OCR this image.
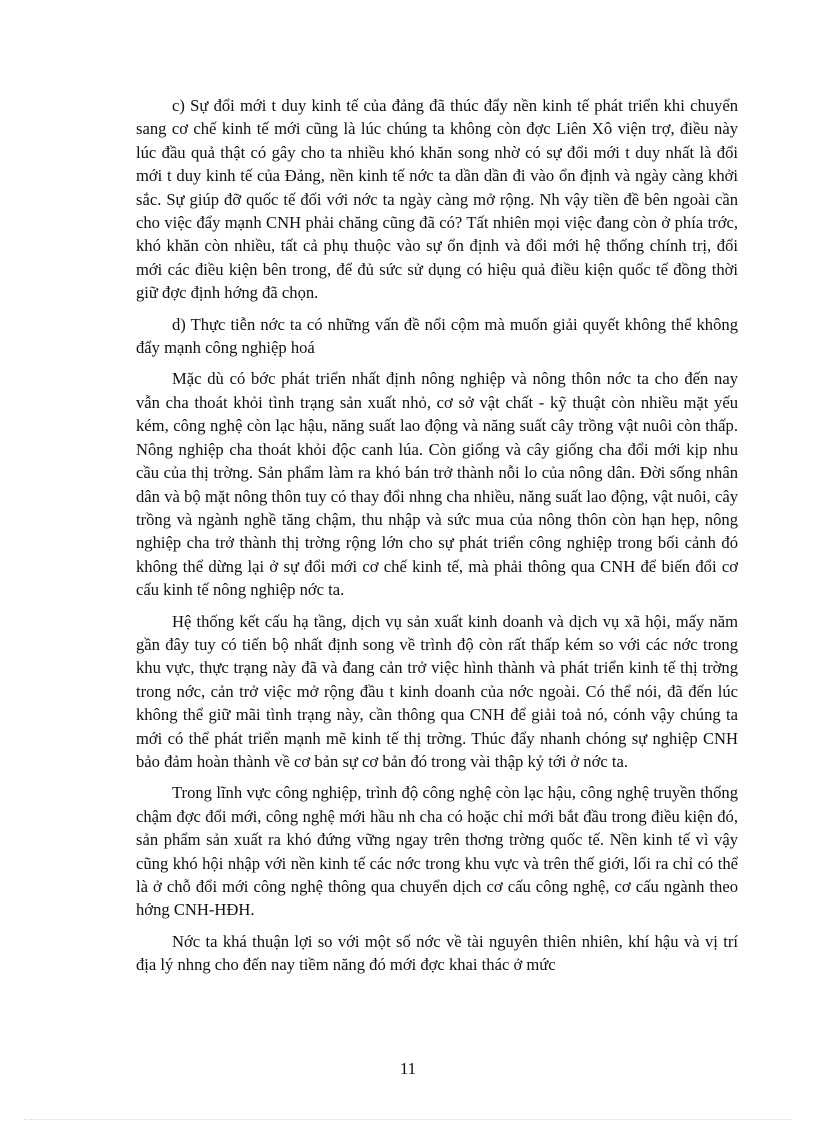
c) Sự đổi mới t duy kinh tế của đảng đã thúc đẩy nền kinh tế phát triển khi chuyển sang cơ chế kinh tế mới cũng là lúc chúng ta không còn đợc Liên Xô viện trợ, điều này lúc đầu quả thật có gây cho ta nhiều khó khăn song nhờ có sự đổi mới t duy nhất là đổi mới t duy kinh tế của Đảng, nền kinh tế nớc ta dần dần đi vào ổn định và ngày càng khởi sắc. Sự giúp đỡ quốc tế đối với nớc ta ngày càng mở rộng. Nh vậy tiền đề bên ngoài cần cho việc đẩy mạnh CNH phải chăng cũng đã có? Tất nhiên mọi việc đang còn ở phía trớc, khó khăn còn nhiều, tất cả phụ thuộc vào sự ổn định và đổi mới hệ thống chính trị, đổi mới các điều kiện bên trong, để đủ sức sử dụng có hiệu quả điều kiện quốc tế đồng thời giữ đợc định hớng đã chọn.

d) Thực tiễn nớc ta có những vấn đề nổi cộm mà muốn giải quyết không thể không đẩy mạnh công nghiệp hoá

Mặc dù có bớc phát triển nhất định nông nghiệp và nông thôn nớc ta cho đến nay vẫn cha thoát khỏi tình trạng sản xuất nhỏ, cơ sở vật chất - kỹ thuật còn nhiều mặt yếu kém, công nghệ còn lạc hậu, năng suất lao động và năng suất cây trồng vật nuôi còn thấp. Nông nghiệp cha thoát khỏi độc canh lúa. Còn giống và cây giống cha đổi mới kịp nhu cầu của thị trờng. Sản phẩm làm ra khó bán trở thành nỗi lo của nông dân. Đời sống nhân dân và bộ mặt nông thôn tuy có thay đổi nhng cha nhiều, năng suất lao động, vật nuôi, cây trồng và ngành nghề tăng chậm, thu nhập và sức mua của nông thôn còn hạn hẹp, nông nghiệp cha trở thành thị trờng rộng lớn cho sự phát triển công nghiệp trong bối cảnh đó không thể dừng lại ở sự đổi mới cơ chế kinh tế, mà phải thông qua CNH để biến đổi cơ cấu kinh tế nông nghiệp nớc ta.

Hệ thống kết cấu hạ tầng, dịch vụ sản xuất kinh doanh và dịch vụ xã hội, mấy năm gần đây tuy có tiến bộ nhất định song về trình độ còn rất thấp kém so với các nớc trong khu vực, thực trạng này đã và đang cản trở việc hình thành và phát triển kinh tế thị trờng trong nớc, cản trở việc mở rộng đầu t kinh doanh của nớc ngoài. Có thể nói, đã đến lúc không thể giữ mãi tình trạng này, cần thông qua CNH để giải toả nó, cónh vậy chúng ta mới có thể phát triển mạnh mẽ kinh tế thị trờng. Thúc đẩy nhanh chóng sự nghiệp CNH bảo đảm hoàn thành về cơ bản sự cơ bản đó trong vài thập kỷ tới ở nớc ta.

Trong lĩnh vực công nghiệp, trình độ công nghệ còn lạc hậu, công nghệ truyền thống chậm đợc đổi mới, công nghệ mới hầu nh cha có hoặc chỉ mới bắt đầu trong điều kiện đó, sản phẩm sản xuất ra khó đứng vững ngay trên thơng trờng quốc tế. Nền kinh tế vì vậy cũng khó hội nhập với nền kinh tế các nớc trong khu vực và trên thế giới, lối ra chỉ có thể là ở chỗ đổi mới công nghệ thông qua chuyển dịch cơ cấu công nghệ, cơ cấu ngành theo hớng CNH-HĐH.

Nớc ta khá thuận lợi so với một số nớc về tài nguyên thiên nhiên, khí hậu và vị trí địa lý nhng cho đến nay tiềm năng đó mới đợc khai thác ở mức

11
